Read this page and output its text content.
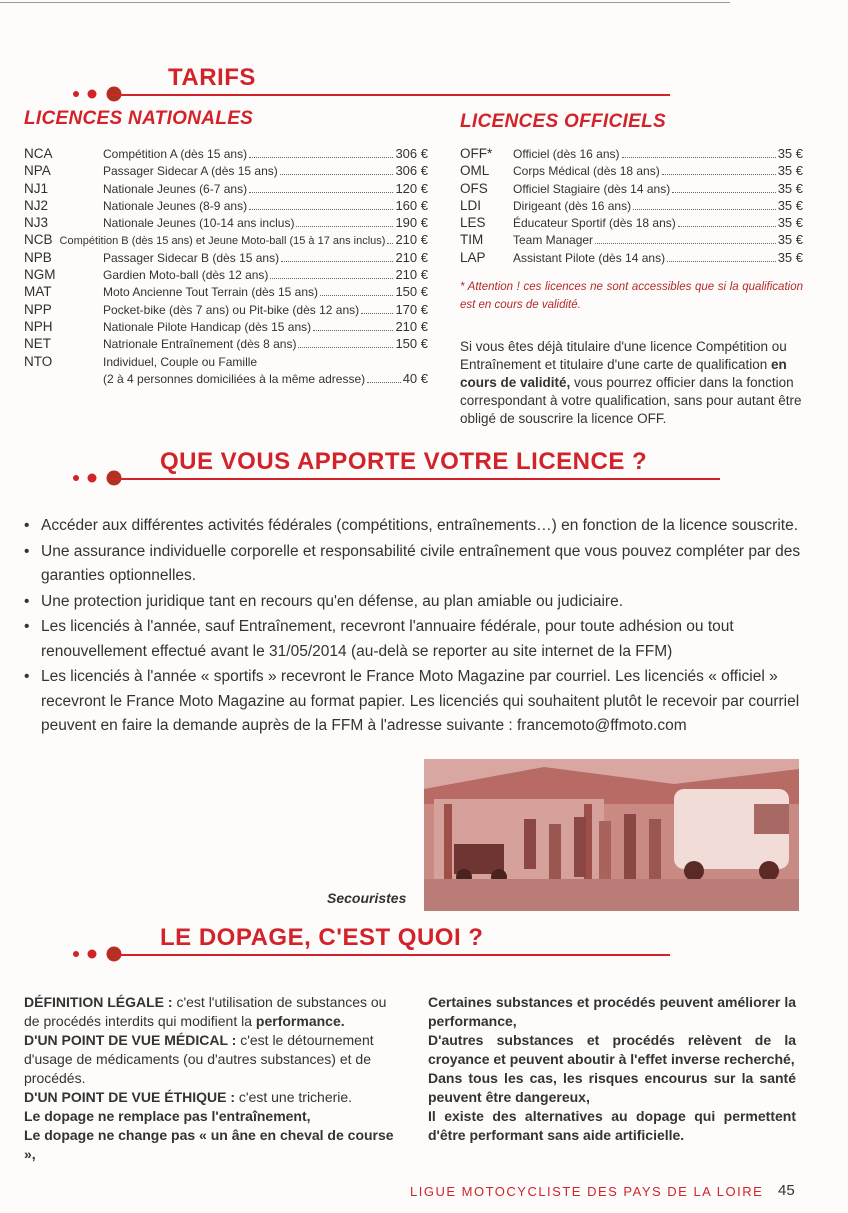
TARIFS
LICENCES NATIONALES	LICENCES OFFICIELS
NCA	Compétition A (dès 15 ans)	306 €
NPA	Passager Sidecar A (dès 15 ans)	306 €
NJ1	Nationale Jeunes (6-7 ans)	120 €
NJ2	Nationale Jeunes (8-9 ans)	160 €
NJ3	Nationale Jeunes (10-14 ans inclus)	190 €
NCB Compétition B (dès 15 ans) et Jeune Moto-ball (15 à 17 ans inclus) 210 €
NPB	Passager Sidecar B (dès 15 ans)	210 €
NGM	Gardien Moto-ball (dès 12 ans)	210 €
MAT	Moto Ancienne Tout Terrain (dès 15 ans)	150 €
NPP	Pocket-bike (dès 7 ans) ou Pit-bike (dès 12 ans)	170 €
NPH	Nationale Pilote Handicap (dès 15 ans)	210 €
NET	Natrionale Entraînement (dès 8 ans)	150 €
NTO	Individuel, Couple ou Famille
(2 à 4 personnes domiciliées à la même adresse)	40 €
OFF*	Officiel (dès 16 ans)	35 €
OML	Corps Médical (dès 18 ans)	35 €
OFS	Officiel Stagiaire (dès 14 ans)	35 €
LDI	Dirigeant (dès 16 ans)	35 €
LES	Éducateur Sportif (dès 18 ans)	35 €
TIM	Team Manager	35 €
LAP	Assistant Pilote (dès 14 ans)	35 €
* Attention ! ces licences ne sont accessibles que si la qualification est en cours de validité.
Si vous êtes déjà titulaire d'une licence Compétition ou Entraînement et titulaire d'une carte de qualification en cours de validité, vous pourrez officier dans la fonction correspondant à votre qualification, sans pour autant être obligé de souscrire la licence OFF.
QUE VOUS APPORTE VOTRE LICENCE ?
• Accéder aux différentes activités fédérales (compétitions, entraînements…) en fonction de la licence souscrite.
• Une assurance individuelle corporelle et responsabilité civile entraînement que vous pouvez compléter par des garanties optionnelles.
• Une protection juridique tant en recours qu'en défense, au plan amiable ou judiciaire.
• Les licenciés à l'année, sauf Entraînement, recevront l'annuaire fédérale, pour toute adhésion ou tout renouvellement effectué avant le 31/05/2014 (au-delà se reporter au site internet de la FFM)
• Les licenciés à l'année « sportifs » recevront le France Moto Magazine par courriel. Les licenciés « officiel » recevront le France Moto Magazine au format papier. Les licenciés qui souhaitent plutôt le recevoir par courriel peuvent en faire la demande auprès de la FFM à l'adresse suivante : francemoto@ffmoto.com
Secouristes
LE DOPAGE, C'EST QUOI ?
DÉFINITION LÉGALE : c'est l'utilisation de substances ou de procédés interdits qui modifient la performance.
D'UN POINT DE VUE MÉDICAL : c'est le détournement d'usage de médicaments (ou d'autres substances) et de procédés.
D'UN POINT DE VUE ÉTHIQUE : c'est une tricherie.
Le dopage ne remplace pas l'entraînement,
Le dopage ne change pas « un âne en cheval de course »,
Certaines substances et procédés peuvent améliorer la performance,
D'autres substances et procédés relèvent de la croyance et peuvent aboutir à l'effet inverse recherché,
Dans tous les cas, les risques encourus sur la santé peuvent être dangereux,
Il existe des alternatives au dopage qui permettent d'être performant sans aide artificielle.
LIGUE MOTOCYCLISTE DES PAYS DE LA LOIRE 45
